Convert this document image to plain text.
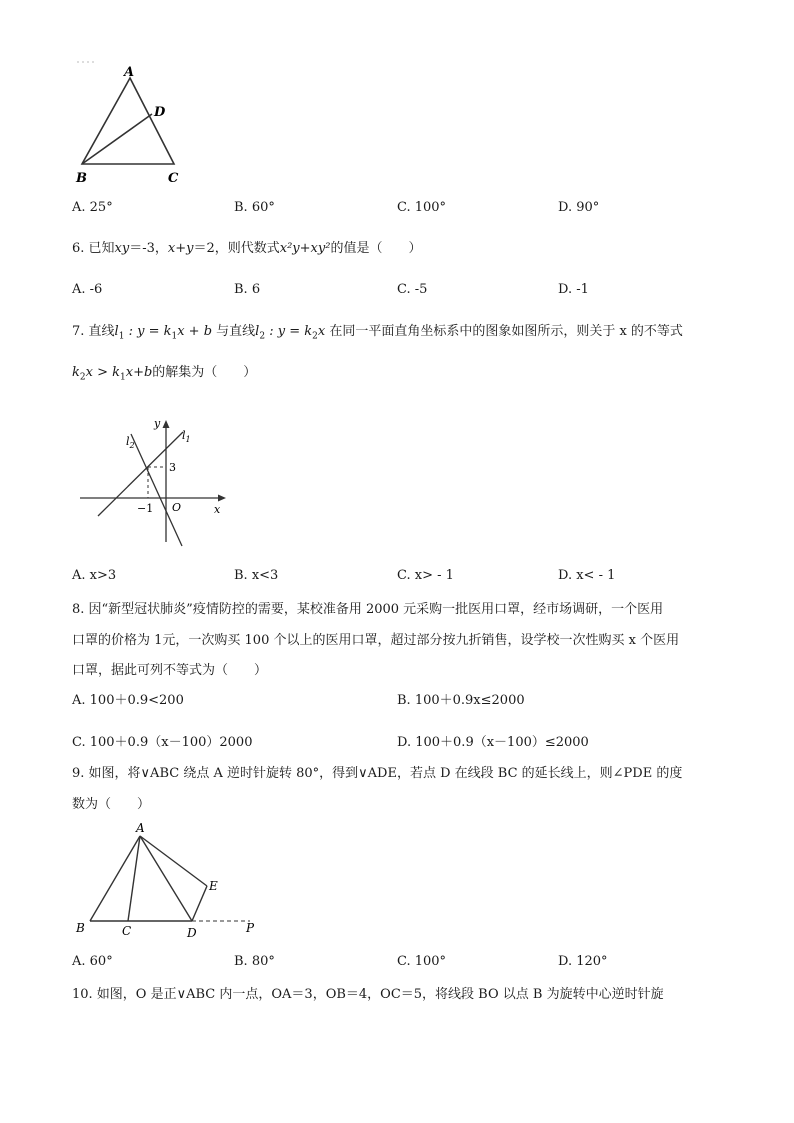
A
D
B	C
A. 25°	B. 60°	C. 100°	D. 90°
6. 已知xy＝-3，x+y＝2，则代数式x²y+xy²的值是（　　）
A. -6	B. 6	C. -5	D. -1
7. 直线$l_1$ : $y = k_1x + b$ 与直线$l_2$ : $y = k_2x$ 在同一平面直角坐标系中的图象如图所示，则关于 x 的不等式
$k_2x > k_1x+b$的解集为（　　）
y
x
O
$l_1$
$l_2$
3
−1
A. x>3	B. x<3	C. x> - 1	D. x< - 1
8. 因“新型冠状肺炎”疫情防控的需要，某校准备用 2000 元采购一批医用口罩，经市场调研，一个医用
口罩的价格为 1元，一次购买 100 个以上的医用口罩，超过部分按九折销售，设学校一次性购买 x 个医用
口罩，据此可列不等式为（　　）
A. 100＋0.9<200	B. 100＋0.9x≤2000
C. 100＋0.9（x－100）2000	D. 100＋0.9（x－100）≤2000
9. 如图，将∨ABC 绕点 A 逆时针旋转 80°，得到∨ADE，若点 D 在线段 BC 的延长线上，则∠PDE 的度
数为（　　）
A
E
B	C	D	P
A. 60°	B. 80°	C. 100°	D. 120°
10. 如图，O 是正∨ABC 内一点，OA＝3，OB＝4，OC＝5，将线段 BO 以点 B 为旋转中心逆时针旋
